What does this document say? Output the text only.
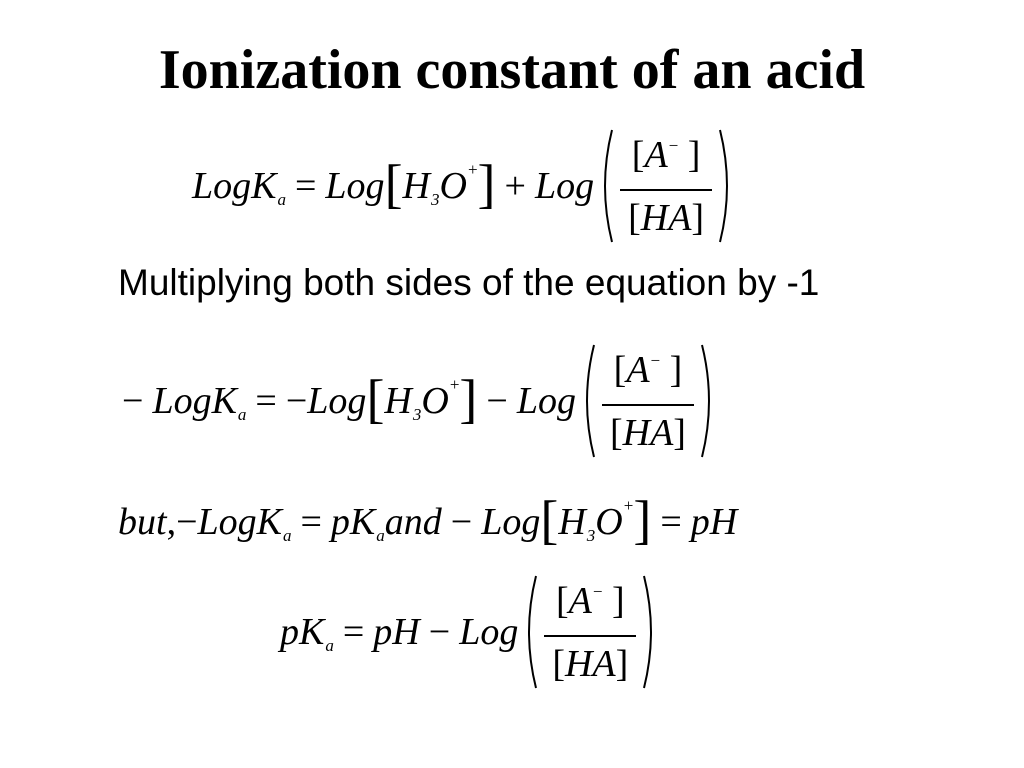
Ionization constant of an acid
LogK a = Log [ H 3 O + ] + Log $\frac{[A^- ]}{[HA]}$
Multiplying both sides of the equation by -1
− LogK a = − Log [ H 3 O + ] − Log $\frac{[A^- ]}{[HA]}$
but , − LogK a = pK a and − Log [ H 3 O + ] = pH
pK a = pH − Log $\frac{[A^- ]}{[HA]}$
